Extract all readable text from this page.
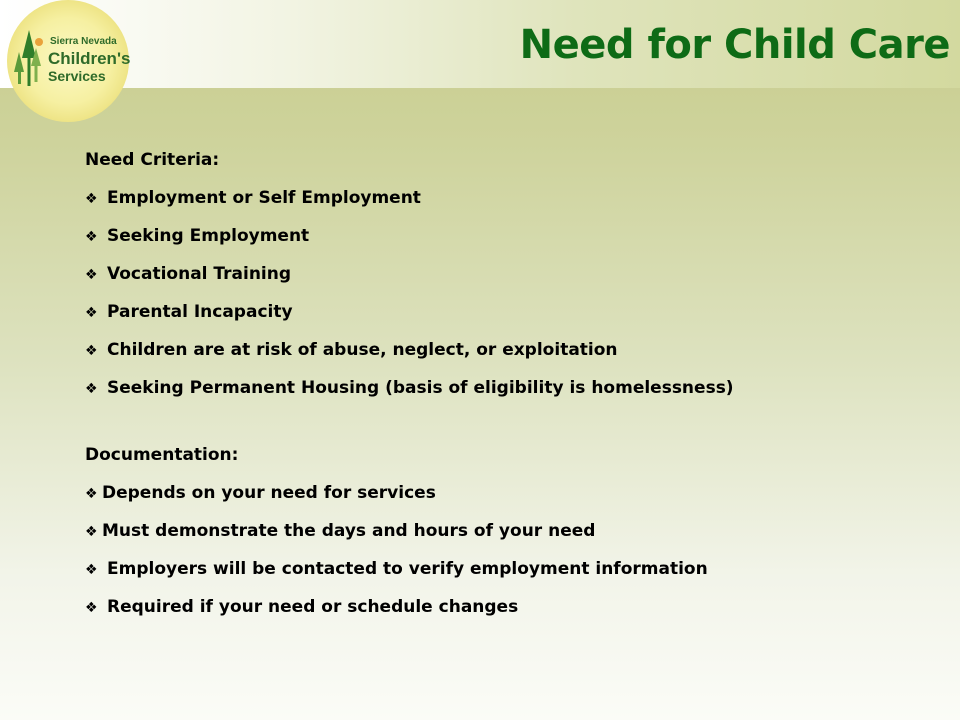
Sierra Nevada
Children's
Services
Need for Child Care
Need Criteria:
❖ Employment or Self Employment
❖ Seeking Employment
❖ Vocational Training
❖ Parental Incapacity
❖ Children are at risk of abuse, neglect, or exploitation
❖ Seeking Permanent Housing (basis of eligibility is homelessness)
Documentation:
❖ Depends on your need for services
❖ Must demonstrate the days and hours of your need
❖ Employers will be contacted to verify employment information
❖ Required if your need or schedule changes
